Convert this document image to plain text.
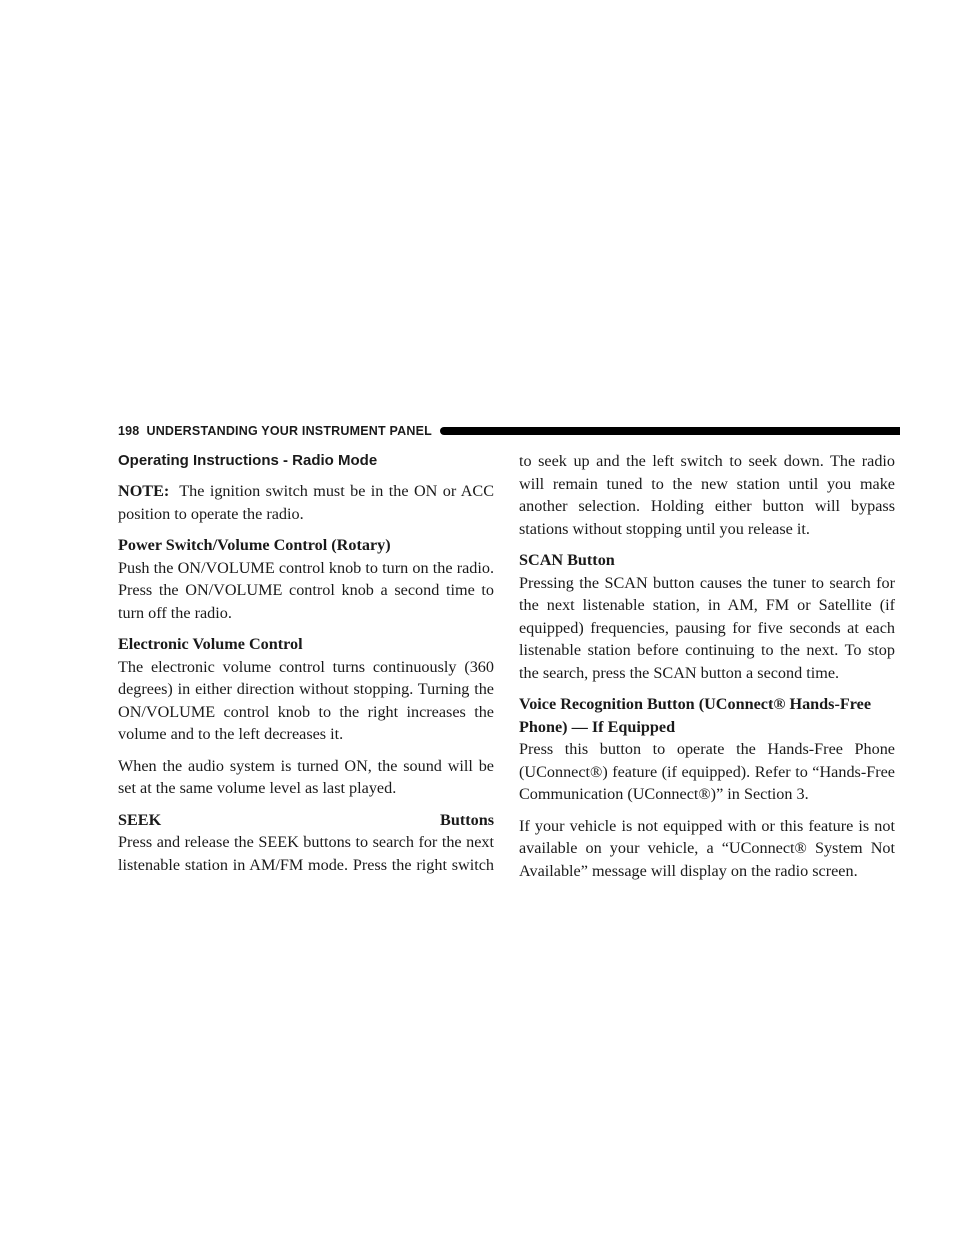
198 UNDERSTANDING YOUR INSTRUMENT PANEL
Operating Instructions - Radio Mode

NOTE: The ignition switch must be in the ON or ACC position to operate the radio.

Power Switch/Volume Control (Rotary)
Push the ON/VOLUME control knob to turn on the radio. Press the ON/VOLUME control knob a second time to turn off the radio.

Electronic Volume Control
The electronic volume control turns continuously (360 degrees) in either direction without stopping. Turning the ON/VOLUME control knob to the right increases the volume and to the left decreases it.

When the audio system is turned ON, the sound will be set at the same volume level as last played.

SEEK Buttons
Press and release the SEEK buttons to search for the next listenable station in AM/FM mode. Press the right switch

to seek up and the left switch to seek down. The radio will remain tuned to the new station until you make another selection. Holding either button will bypass stations without stopping until you release it.

SCAN Button
Pressing the SCAN button causes the tuner to search for the next listenable station, in AM, FM or Satellite (if equipped) frequencies, pausing for five seconds at each listenable station before continuing to the next. To stop the search, press the SCAN button a second time.

Voice Recognition Button (UConnect® Hands-Free Phone) — If Equipped
Press this button to operate the Hands-Free Phone (UConnect®) feature (if equipped). Refer to “Hands-Free Communication (UConnect®)” in Section 3.

If your vehicle is not equipped with or this feature is not available on your vehicle, a “UConnect® System Not Available” message will display on the radio screen.
